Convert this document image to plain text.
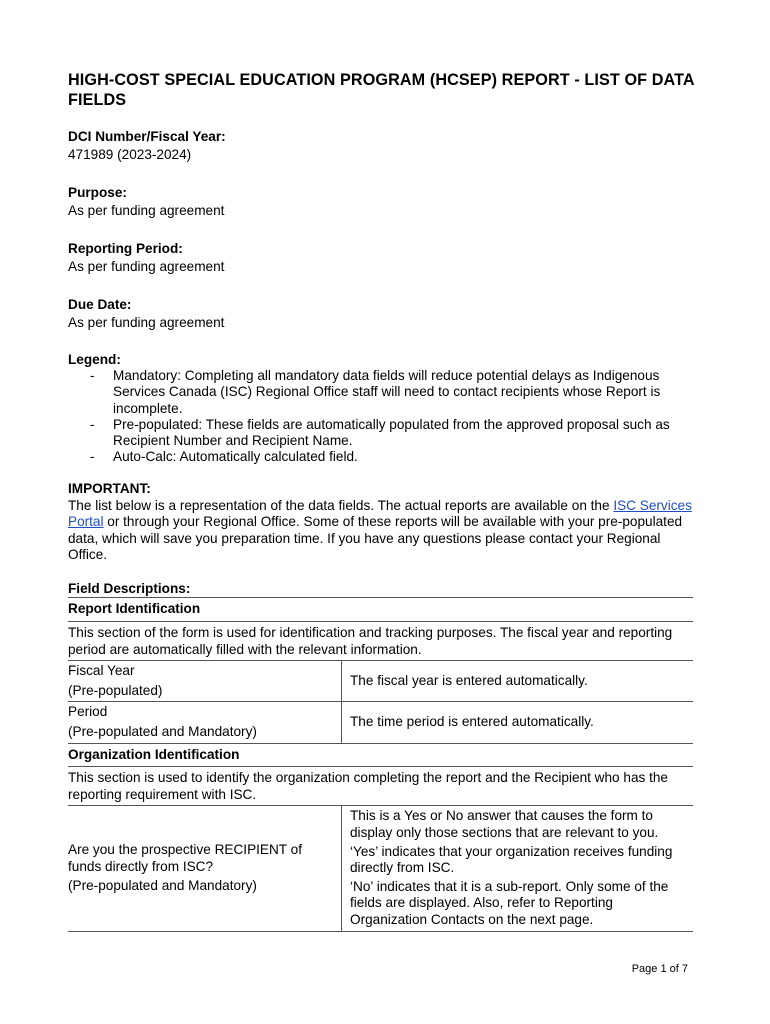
HIGH-COST SPECIAL EDUCATION PROGRAM (HCSEP) REPORT - LIST OF DATA FIELDS
DCI Number/Fiscal Year:
471989 (2023-2024)
Purpose:
As per funding agreement
Reporting Period:
As per funding agreement
Due Date:
As per funding agreement
Legend:
- Mandatory: Completing all mandatory data fields will reduce potential delays as Indigenous Services Canada (ISC) Regional Office staff will need to contact recipients whose Report is incomplete.
- Pre-populated: These fields are automatically populated from the approved proposal such as Recipient Number and Recipient Name.
- Auto-Calc: Automatically calculated field.
IMPORTANT:
The list below is a representation of the data fields. The actual reports are available on the ISC Services Portal or through your Regional Office. Some of these reports will be available with your pre-populated data, which will save you preparation time. If you have any questions please contact your Regional Office.
Field Descriptions:
Report Identification	
This section of the form is used for identification and tracking purposes. The fiscal year and reporting period are automatically filled with the relevant information.	

Fiscal Year
(Pre-populated)	The fiscal year is entered automatically.

Period
(Pre-populated and Mandatory)	The time period is entered automatically.
Organization Identification	
This section is used to identify the organization completing the report and the Recipient who has the reporting requirement with ISC.	

Are you the prospective RECIPIENT of funds directly from ISC?
(Pre-populated and Mandatory)	This is a Yes or No answer that causes the form to display only those sections that are relevant to you.
‘Yes’ indicates that your organization receives funding directly from ISC.
‘No’ indicates that it is a sub-report. Only some of the fields are displayed. Also, refer to Reporting Organization Contacts on the next page.
Page 1 of 7
